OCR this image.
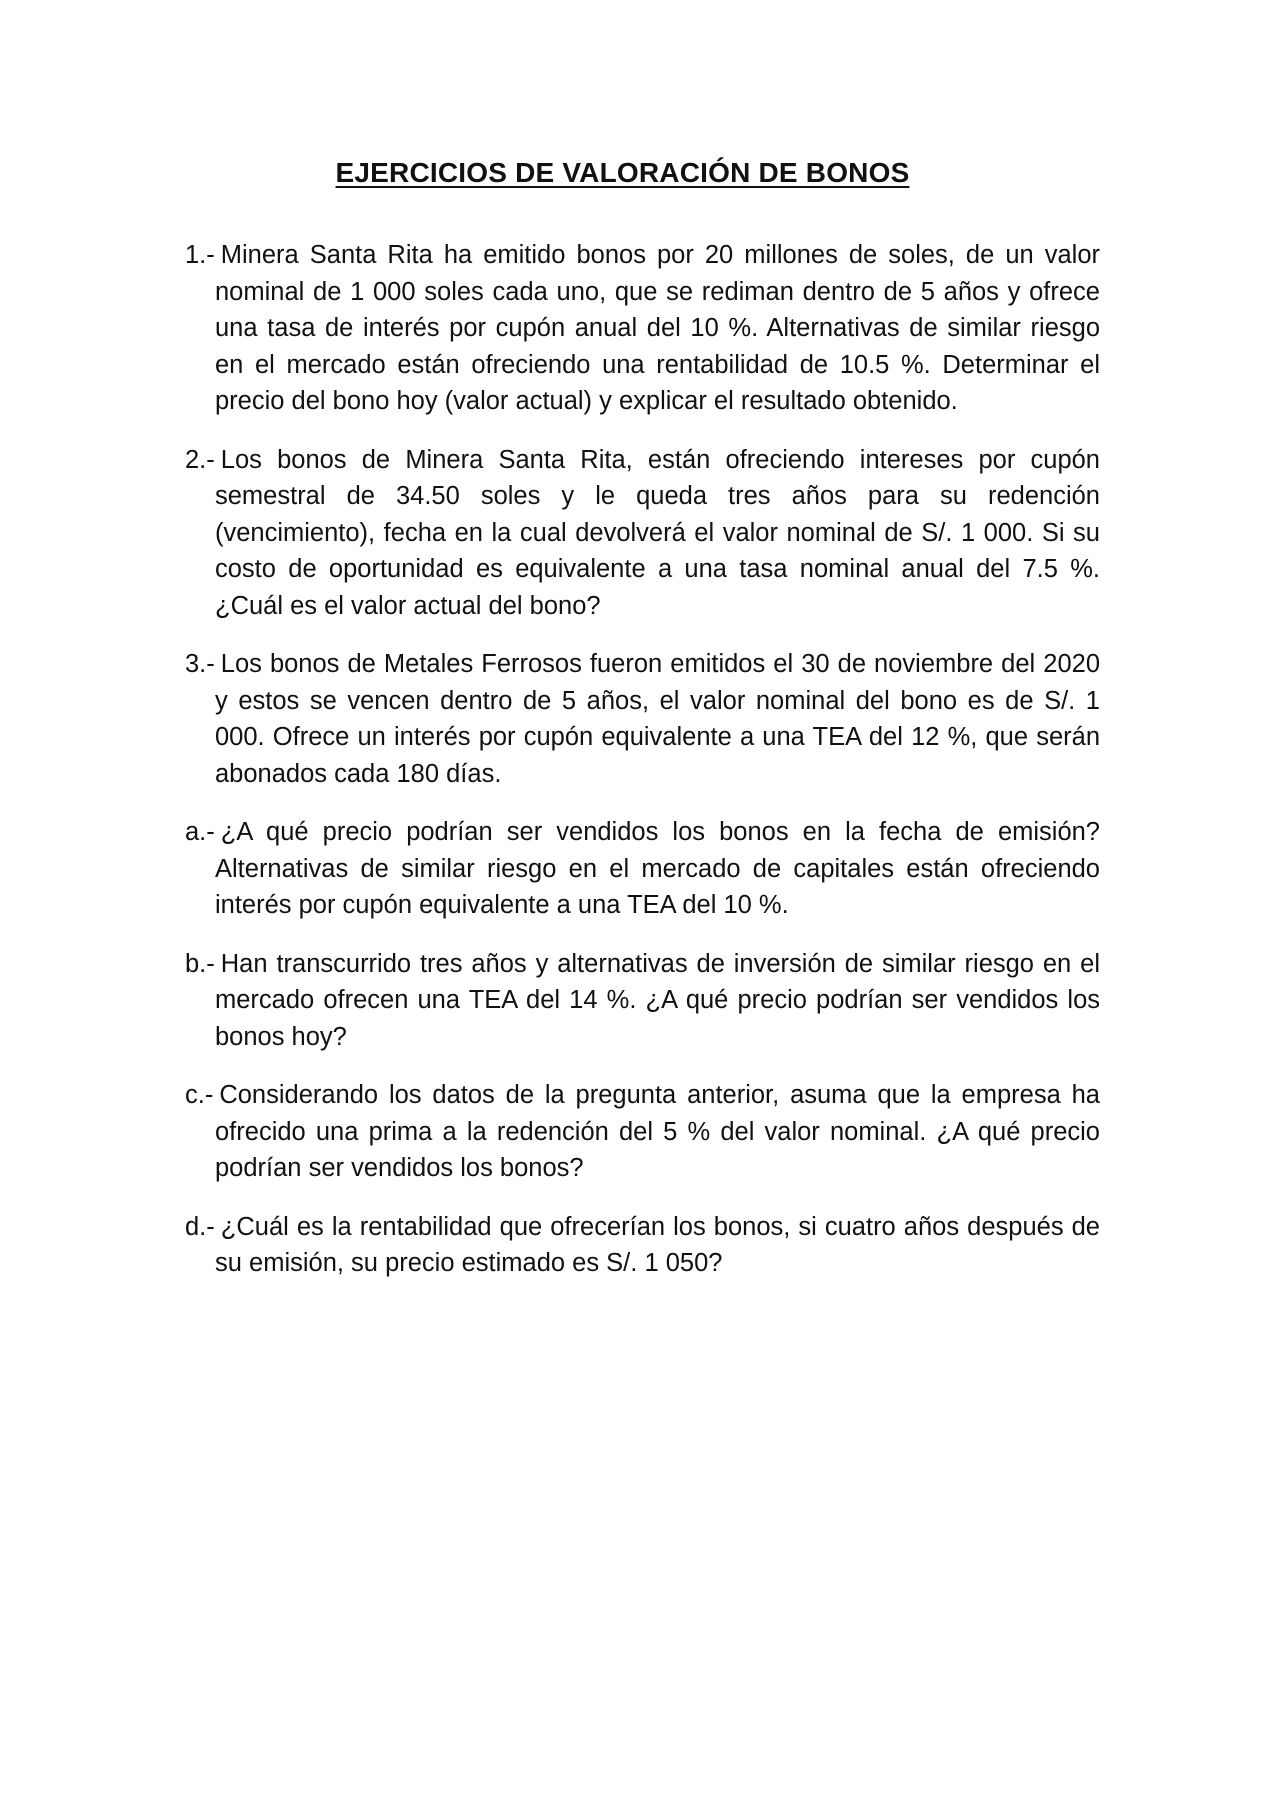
EJERCICIOS DE VALORACIÓN DE BONOS
1.- Minera Santa Rita ha emitido bonos por 20 millones de soles, de un valor nominal de 1 000 soles cada uno, que se rediman dentro de 5 años y ofrece una tasa de interés por cupón anual del 10 %. Alternativas de similar riesgo en el mercado están ofreciendo una rentabilidad de 10.5 %. Determinar el precio del bono hoy (valor actual) y explicar el resultado obtenido.
2.- Los bonos de Minera Santa Rita, están ofreciendo intereses por cupón semestral de 34.50 soles y le queda tres años para su redención (vencimiento), fecha en la cual devolverá el valor nominal de S/. 1 000. Si su costo de oportunidad es equivalente a una tasa nominal anual del 7.5 %. ¿Cuál es el valor actual del bono?
3.- Los bonos de Metales Ferrosos fueron emitidos el 30 de noviembre del 2020 y estos se vencen dentro de 5 años, el valor nominal del bono es de S/. 1 000. Ofrece un interés por cupón equivalente a una TEA del 12 %, que serán abonados cada 180 días.
a.- ¿A qué precio podrían ser vendidos los bonos en la fecha de emisión? Alternativas de similar riesgo en el mercado de capitales están ofreciendo interés por cupón equivalente a una TEA del 10 %.
b.- Han transcurrido tres años y alternativas de inversión de similar riesgo en el mercado ofrecen una TEA del 14 %. ¿A qué precio podrían ser vendidos los bonos hoy?
c.- Considerando los datos de la pregunta anterior, asuma que la empresa ha ofrecido una prima a la redención del 5 % del valor nominal. ¿A qué precio podrían ser vendidos los bonos?
d.- ¿Cuál es la rentabilidad que ofrecerían los bonos, si cuatro años después de su emisión, su precio estimado es S/. 1 050?
